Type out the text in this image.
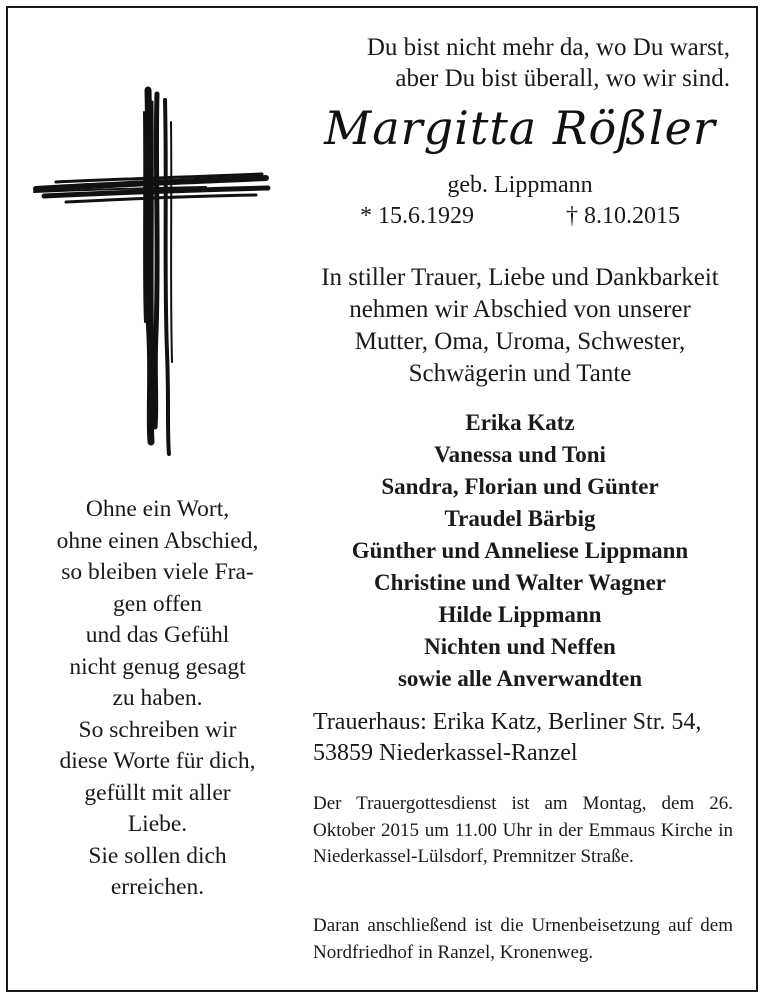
Du bist nicht mehr da, wo Du warst,
aber Du bist überall, wo wir sind.
Margitta Rößler
geb. Lippmann
* 15.6.1929	† 8.10.2015
In stiller Trauer, Liebe und Dankbarkeit
nehmen wir Abschied von unserer
Mutter, Oma, Uroma, Schwester,
Schwägerin und Tante
Erika Katz
Vanessa und Toni
Sandra, Florian und Günter
Traudel Bärbig
Günther und Anneliese Lippmann
Christine und Walter Wagner
Hilde Lippmann
Nichten und Neffen
sowie alle Anverwandten
Trauerhaus: Erika Katz, Berliner Str. 54,
53859 Niederkassel-Ranzel
Der Trauergottesdienst ist am Montag, dem 26. Oktober 2015 um 11.00 Uhr in der Emmaus Kirche in Niederkassel-Lülsdorf, Premnitzer Straße.
Daran anschließend ist die Urnenbeisetzung auf dem Nordfriedhof in Ranzel, Kronenweg.
Ohne ein Wort,
ohne einen Abschied,
so bleiben viele Fra-
gen offen
und das Gefühl
nicht genug gesagt
zu haben.
So schreiben wir
diese Worte für dich,
gefüllt mit aller
Liebe.
Sie sollen dich
erreichen.
